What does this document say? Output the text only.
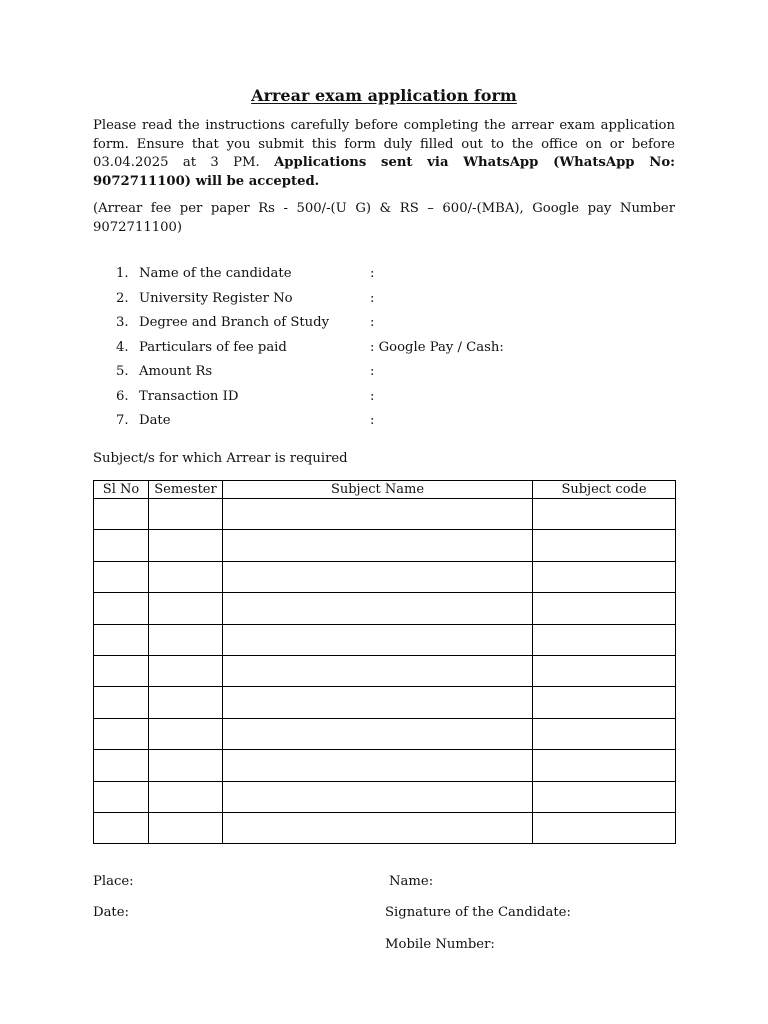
Arrear exam application form
Please read the instructions carefully before completing the arrear exam application form. Ensure that you submit this form duly filled out to the office on or before 03.04.2025 at 3 PM. Applications sent via WhatsApp (WhatsApp No: 9072711100) will be accepted.
(Arrear fee per paper Rs - 500/-(U G) & RS – 600/-(MBA), Google pay Number 9072711100)
1. Name of the candidate	:
2. University Register No	:
3. Degree and Branch of Study	:
4. Particulars of fee paid	: Google Pay / Cash:
5. Amount Rs	:
6. Transaction ID	:
7. Date	:
Subject/s for which Arrear is required
Sl No	Semester	Subject Name	Subject code

Place:
Date:
Name:
Signature of the Candidate:
Mobile Number:
